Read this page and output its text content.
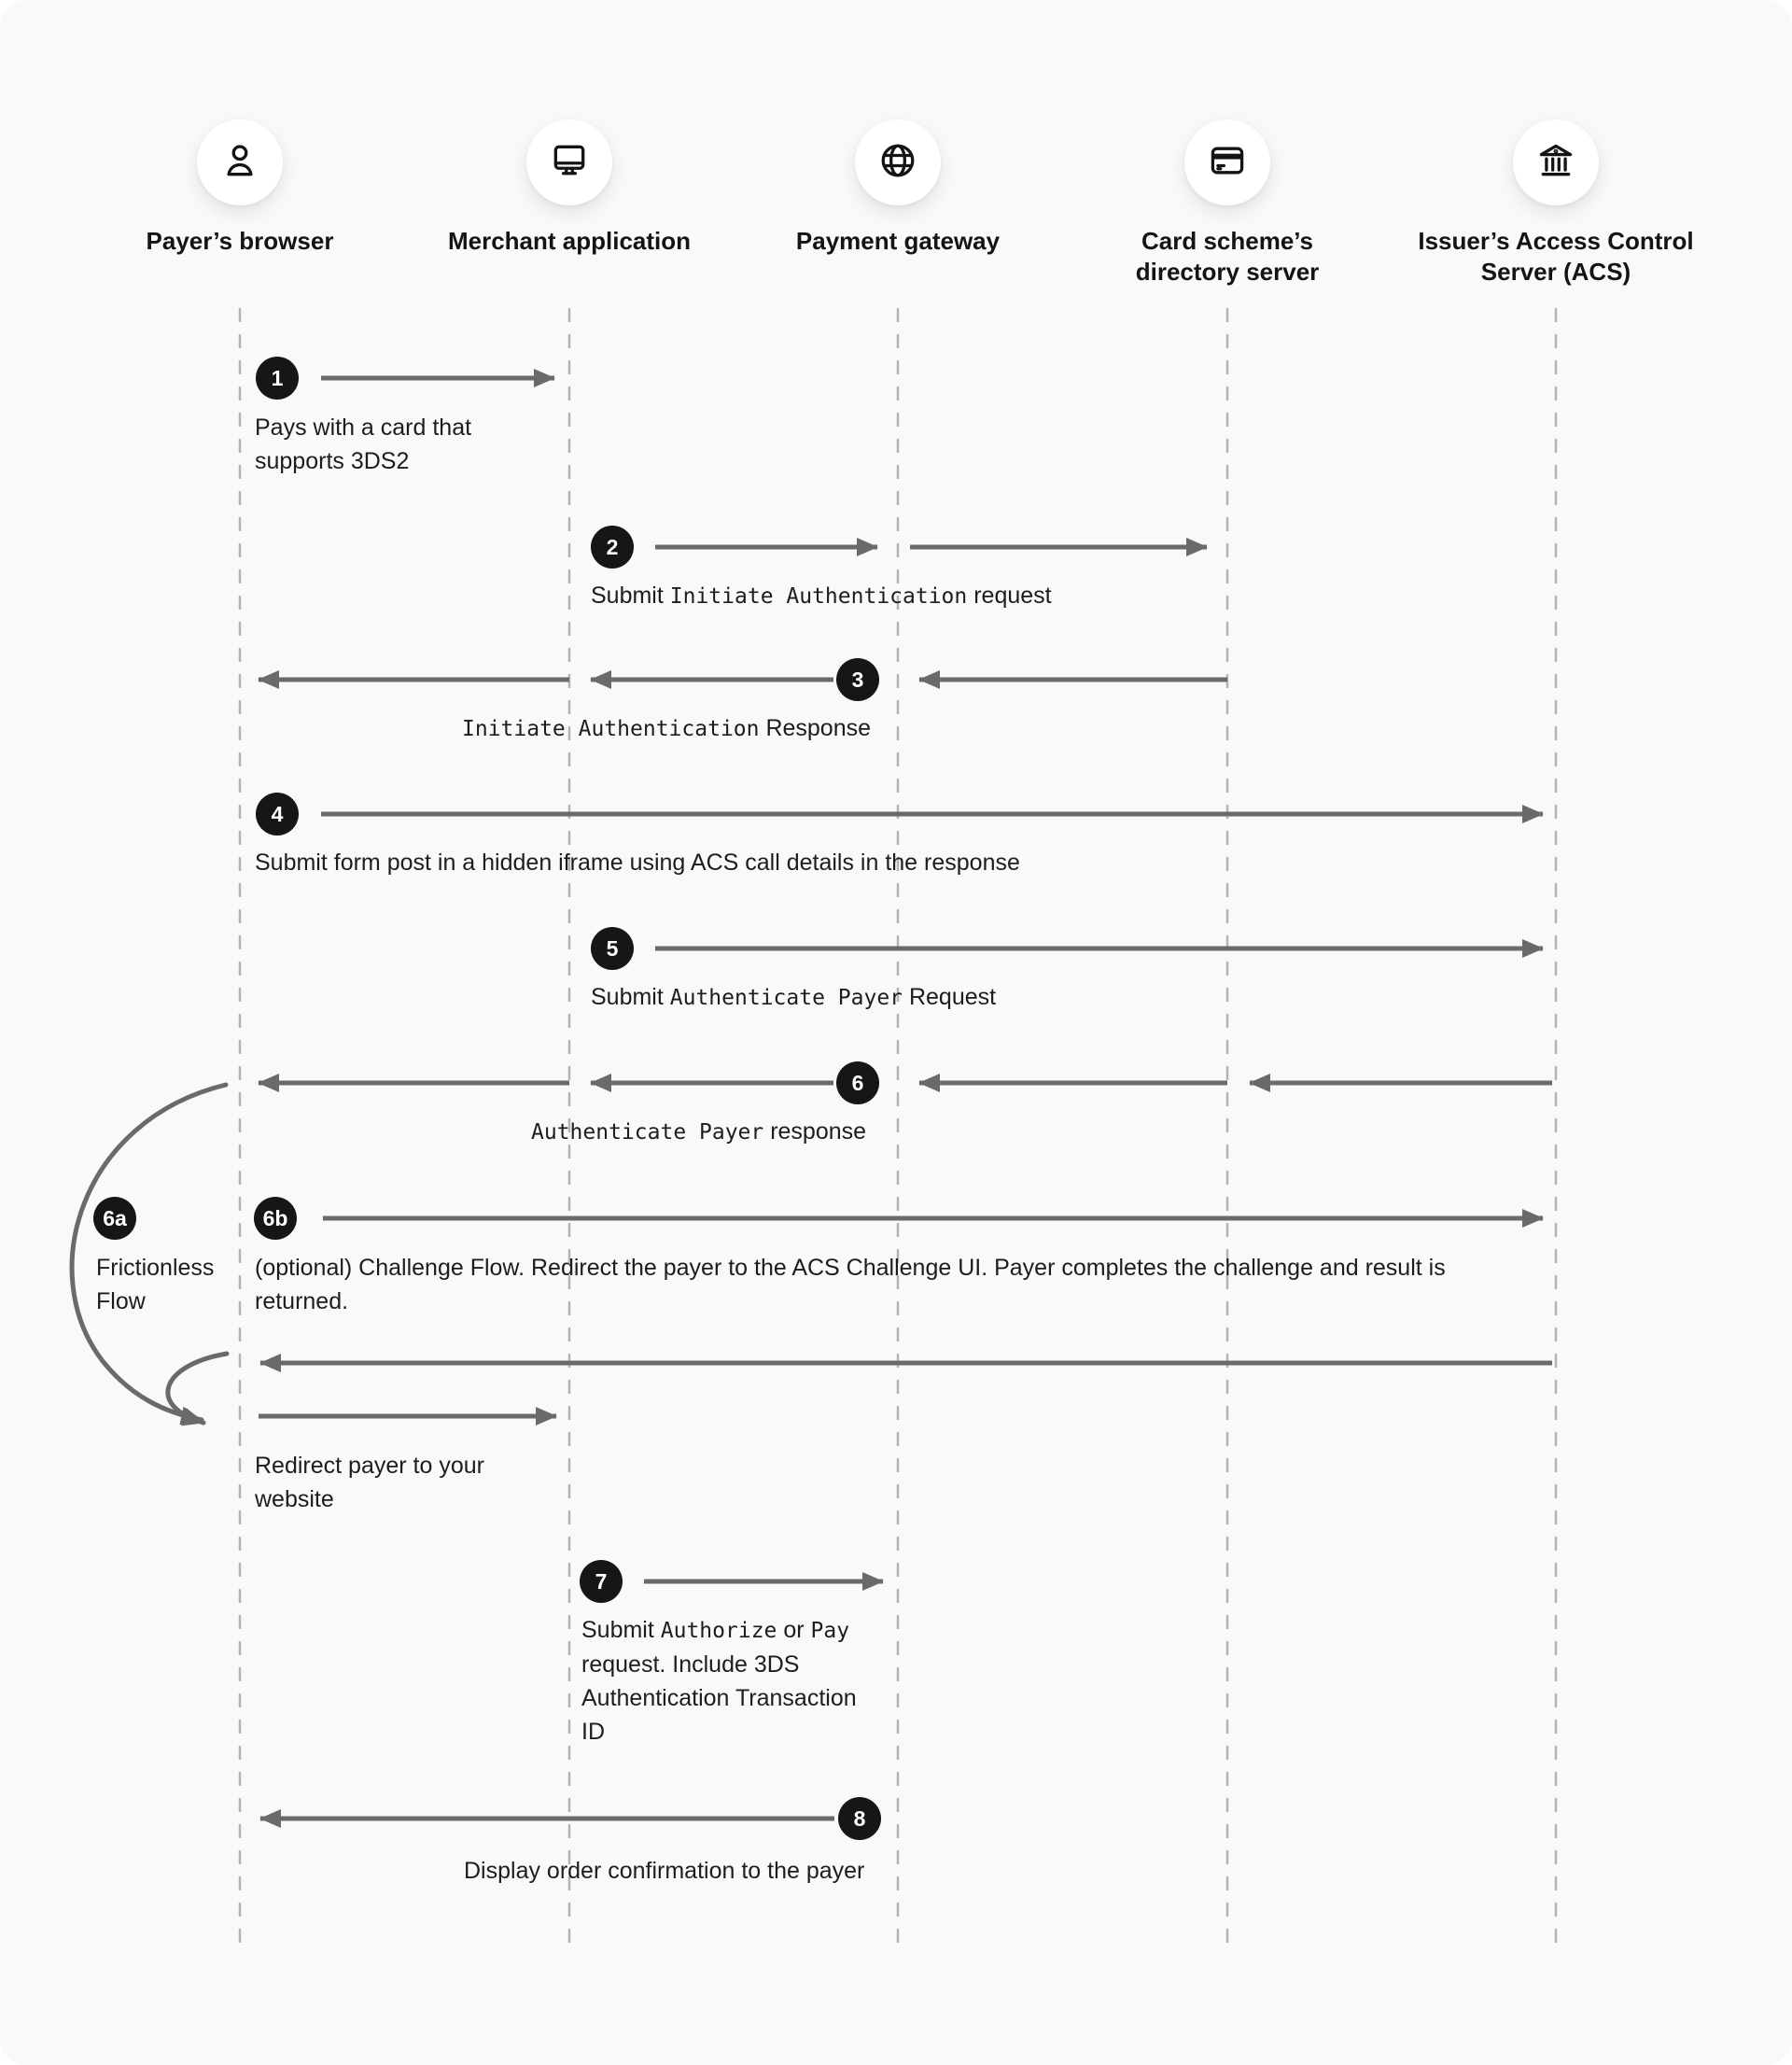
Payer’s browser	Merchant application	Payment gateway	Card scheme’s directory server
Issuer’s Access Control Server (ACS)
1
2
3
4
5
6
6a	6b
7
8
Pays with a card that supports 3DS2
Submit Initiate Authentication request
Initiate Authentication Response
Submit form post in a hidden iframe using ACS call details in the response
Submit Authenticate Payer Request
Authenticate Payer response
Frictionless Flow
(optional) Challenge Flow. Redirect the payer to the ACS Challenge UI. Payer completes the challenge and result is returned.
Redirect payer to your website
Submit Authorize or Pay request. Include 3DS Authentication Transaction ID
Display order confirmation to the payer
